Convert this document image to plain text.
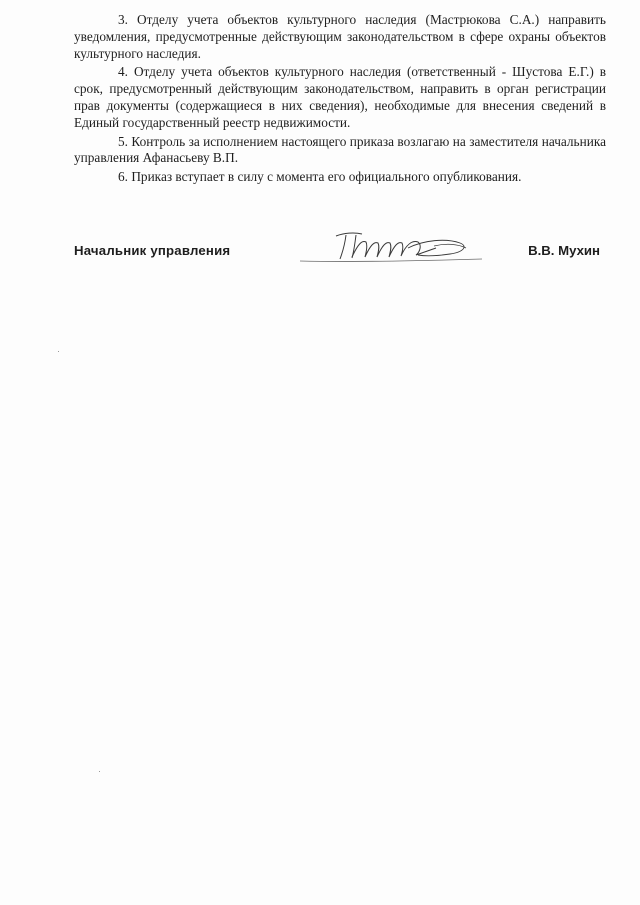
3. Отделу учета объектов культурного наследия (Мастрюкова С.А.) направить уведомления, предусмотренные действующим законодательством в сфере охраны объектов культурного наследия.

4. Отделу учета объектов культурного наследия (ответственный - Шустова Е.Г.) в срок, предусмотренный действующим законодательством, направить в орган регистрации прав документы (содержащиеся в них сведения), необходимые для внесения сведений в Единый государственный реестр недвижимости.

5. Контроль за исполнением настоящего приказа возлагаю на заместителя начальника управления Афанасьеву В.П.

6. Приказ вступает в силу с момента его официального опубликования.

Начальник управления	В.В. Мухин
